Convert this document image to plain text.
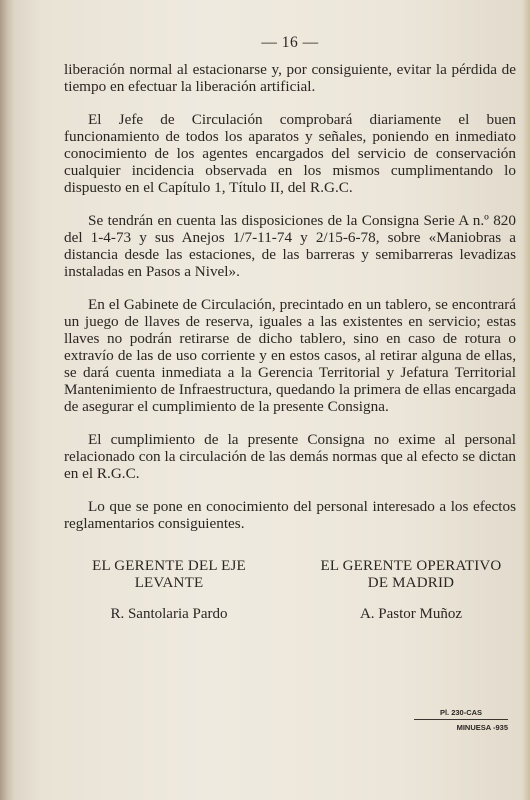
— 16 —

liberación normal al estacionarse y, por consiguiente, evitar la pérdida de tiempo en efectuar la liberación artificial.

El Jefe de Circulación comprobará diariamente el buen funcionamiento de todos los aparatos y señales, poniendo en inmediato conocimiento de los agentes encargados del servicio de conservación cualquier incidencia observada en los mismos cumplimentando lo dispuesto en el Capítulo 1, Título II, del R.G.C.

Se tendrán en cuenta las disposiciones de la Consigna Serie A n.º 820 del 1-4-73 y sus Anejos 1/7-11-74 y 2/15-6-78, sobre «Maniobras a distancia desde las estaciones, de las barreras y semibarreras levadizas instaladas en Pasos a Nivel».

En el Gabinete de Circulación, precintado en un tablero, se encontrará un juego de llaves de reserva, iguales a las existentes en servicio; estas llaves no podrán retirarse de dicho tablero, sino en caso de rotura o extravío de las de uso corriente y en estos casos, al retirar alguna de ellas, se dará cuenta inmediata a la Gerencia Territorial y Jefatura Territorial Mantenimiento de Infraestructura, quedando la primera de ellas encargada de asegurar el cumplimiento de la presente Consigna.

El cumplimiento de la presente Consigna no exime al personal relacionado con la circulación de las demás normas que al efecto se dictan en el R.G.C.

Lo que se pone en conocimiento del personal interesado a los efectos reglamentarios consiguientes.

EL GERENTE DEL EJE
LEVANTE
R. Santolaria Pardo
EL GERENTE OPERATIVO
DE MADRID
A. Pastor Muñoz
Pl. 230-CAS
MINUESA -935
